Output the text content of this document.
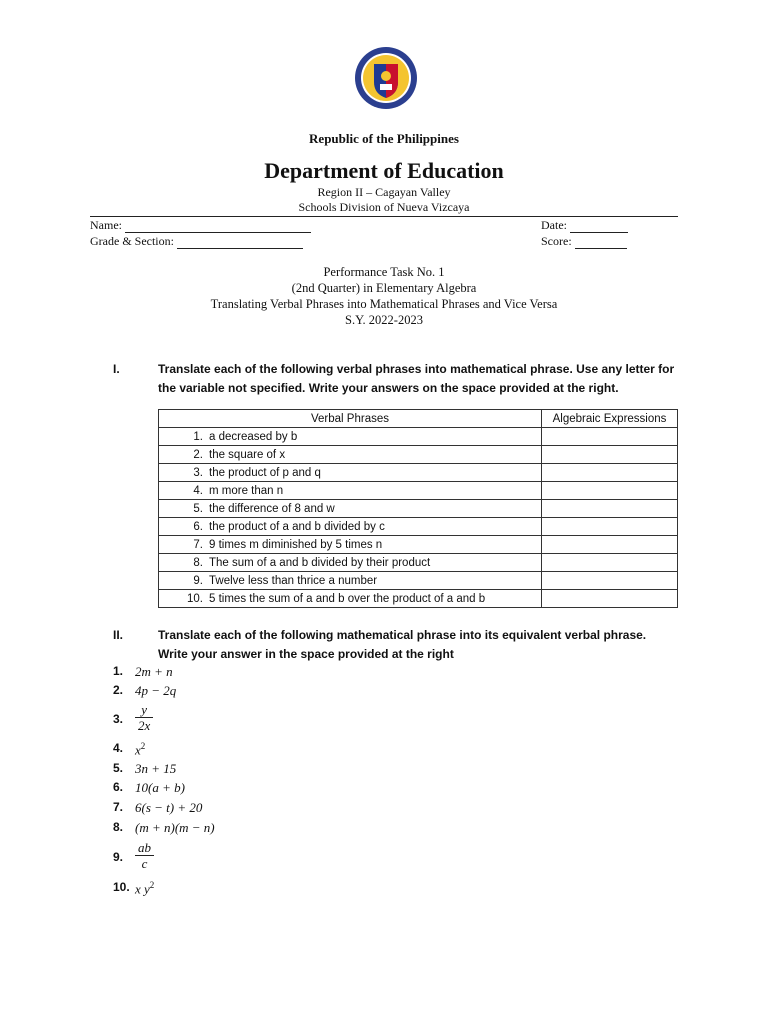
Republic of the Philippines
Department of Education
Region II – Cagayan Valley
Schools Division of Nueva Vizcaya
Name:
Grade & Section:
Date:
Score:
Performance Task No. 1
(2nd Quarter) in Elementary Algebra
Translating Verbal Phrases into Mathematical Phrases and Vice Versa
S.Y. 2022-2023
I.	Translate each of the following verbal phrases into mathematical phrase. Use any letter for the variable not specified. Write your answers on the space provided at the right.
Verbal Phrases	Algebraic Expressions
1. a decreased by b	
2. the square of x	
3. the product of p and q	
4. m more than n	
5. the difference of 8 and w	
6. the product of a and b divided by c	
7. 9 times m diminished by 5 times n	
8. The sum of a and b divided by their product	
9. Twelve less than thrice a number	
10. 5 times the sum of a and b over the product of a and b	
II.	Translate each of the following mathematical phrase into its equivalent verbal phrase. Write your answer in the space provided at the right
1. 2m + n
2. 4p − 2q
3. $\frac{y}{2x}$
4. $x^2$
5. 3n + 15
6. 10(a + b)
7. 6(s − t) + 20
8. (m + n)(m − n)
9. $\frac{ab}{c}$
10. x $y^2$
